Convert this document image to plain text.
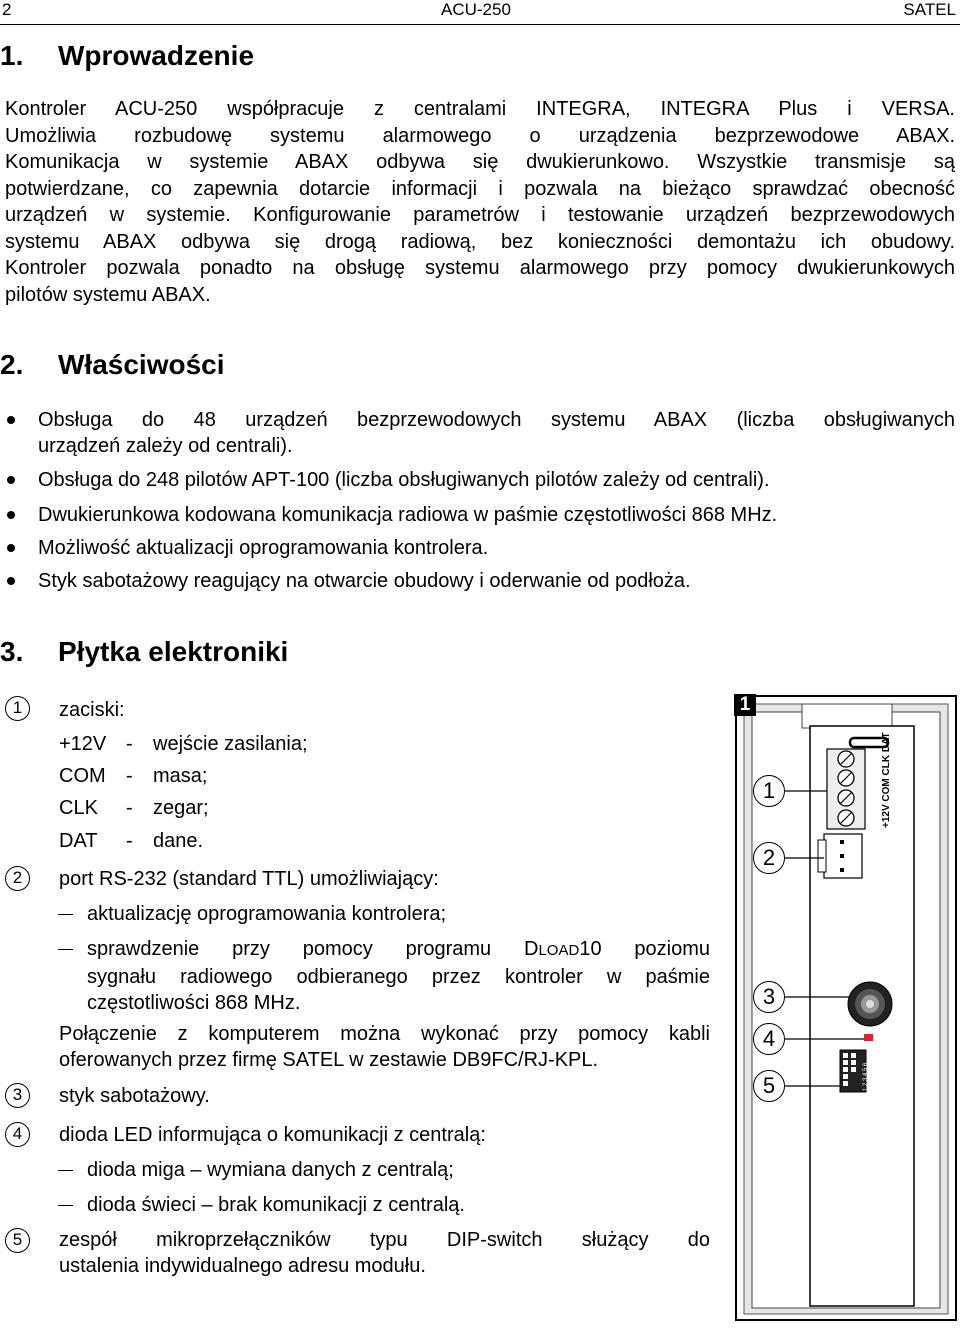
2	ACU-250	SATEL
1. Wprowadzenie
Kontroler ACU-250 współpracuje z centralami INTEGRA, INTEGRA Plus i VERSA.
Umożliwia rozbudowę systemu alarmowego o urządzenia bezprzewodowe ABAX.
Komunikacja w systemie ABAX odbywa się dwukierunkowo. Wszystkie transmisje są
potwierdzane, co zapewnia dotarcie informacji i pozwala na bieżąco sprawdzać obecność
urządzeń w systemie. Konfigurowanie parametrów i testowanie urządzeń bezprzewodowych
systemu ABAX odbywa się drogą radiową, bez konieczności demontażu ich obudowy.
Kontroler pozwala ponadto na obsługę systemu alarmowego przy pomocy dwukierunkowych
pilotów systemu ABAX.
2. Właściwości
Obsługa do 48 urządzeń bezprzewodowych systemu ABAX (liczba obsługiwanych
urządzeń zależy od centrali).
Obsługa do 248 pilotów APT-100 (liczba obsługiwanych pilotów zależy od centrali).
Dwukierunkowa kodowana komunikacja radiowa w paśmie częstotliwości 868 MHz.
Możliwość aktualizacji oprogramowania kontrolera.
Styk sabotażowy reagujący na otwarcie obudowy i oderwanie od podłoża.
3. Płytka elektroniki
1	zaciski:
+12V - wejście zasilania;
COM - masa;
CLK - zegar;
DAT - dane.
2	port RS-232 (standard TTL) umożliwiający:
aktualizację oprogramowania kontrolera;
sprawdzenie przy pomocy programu DLOAD10 poziomu
sygnału radiowego odbieranego przez kontroler w paśmie
częstotliwości 868 MHz.
Połączenie z komputerem można wykonać przy pomocy kabli
oferowanych przez firmę SATEL w zestawie DB9FC/RJ-KPL.
3	styk sabotażowy.
4	dioda LED informująca o komunikacji z centralą:
dioda miga – wymiana danych z centralą;
dioda świeci – brak komunikacji z centralą.
5	zespół mikroprzełączników typu DIP-switch służący do
ustalenia indywidualnego adresu modułu.
1
+12V COM CLK DAT
1 2 3 4 5 6
1
2
3
4
5
